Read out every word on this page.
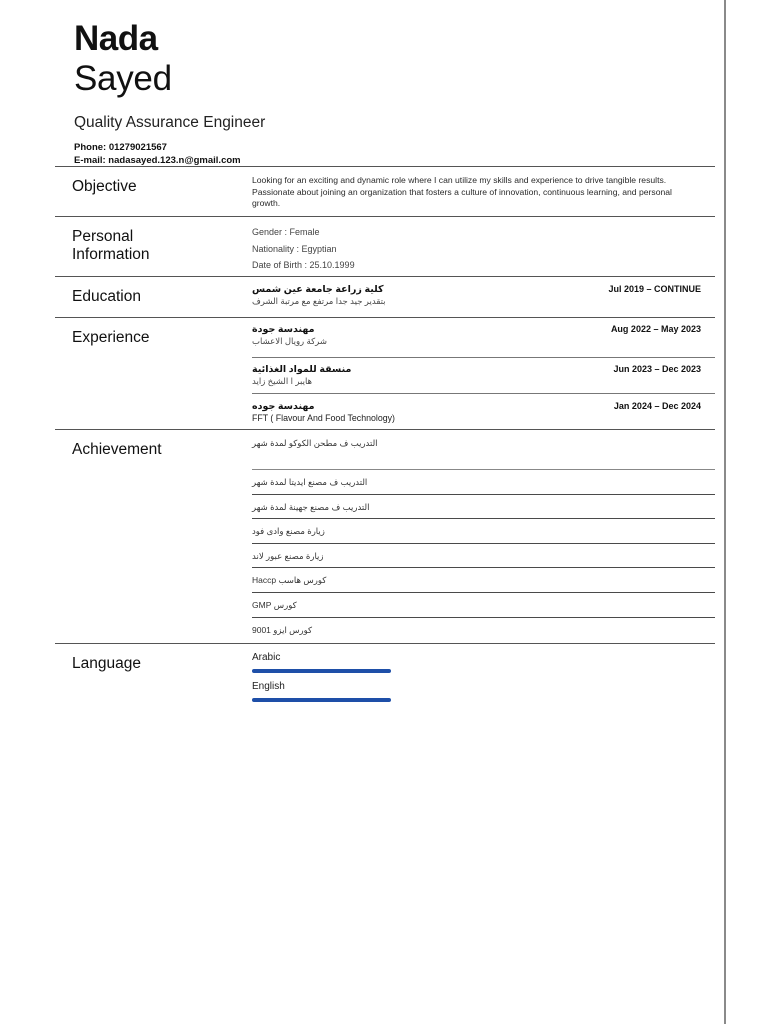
Nada
Sayed
Quality Assurance Engineer
Phone: 01279021567
E-mail: nadasayed.123.n@gmail.com
Objective	Looking for an exciting and dynamic role where I can utilize my skills and experience to drive tangible results. Passionate about joining an organization that fosters a culture of innovation, continuous learning, and personal growth.
Personal
Information
Gender : Female
Nationality : Egyptian
Date of Birth : 25.10.1999
Education	كلية زراعة جامعة عين شمس
بتقدير جيد جدا مرتفع مع مرتبة الشرف
Jul 2019 – CONTINUE
Experience	مهندسة جودة
شركة رويال الاعشاب
Aug 2022 – May 2023
منسقة للمواد الغذائية
هايبر ا الشيخ زايد
Jun 2023 – Dec 2023
مهندسة جوده
FFT ( Flavour And Food Technology)
Jan 2024 – Dec 2024
Achievement	التدريب ف مطحن الكوكو لمدة شهر
التدريب ف مصنع ايديتا لمدة شهر
التدريب ف مصنع جهينة لمدة شهر
زيارة مصنع وادى فود
زيارة مصنع عبور لاند
كورس هاسب Haccp
كورس GMP
كورس ايزو 9001
Language	Arabic
English
